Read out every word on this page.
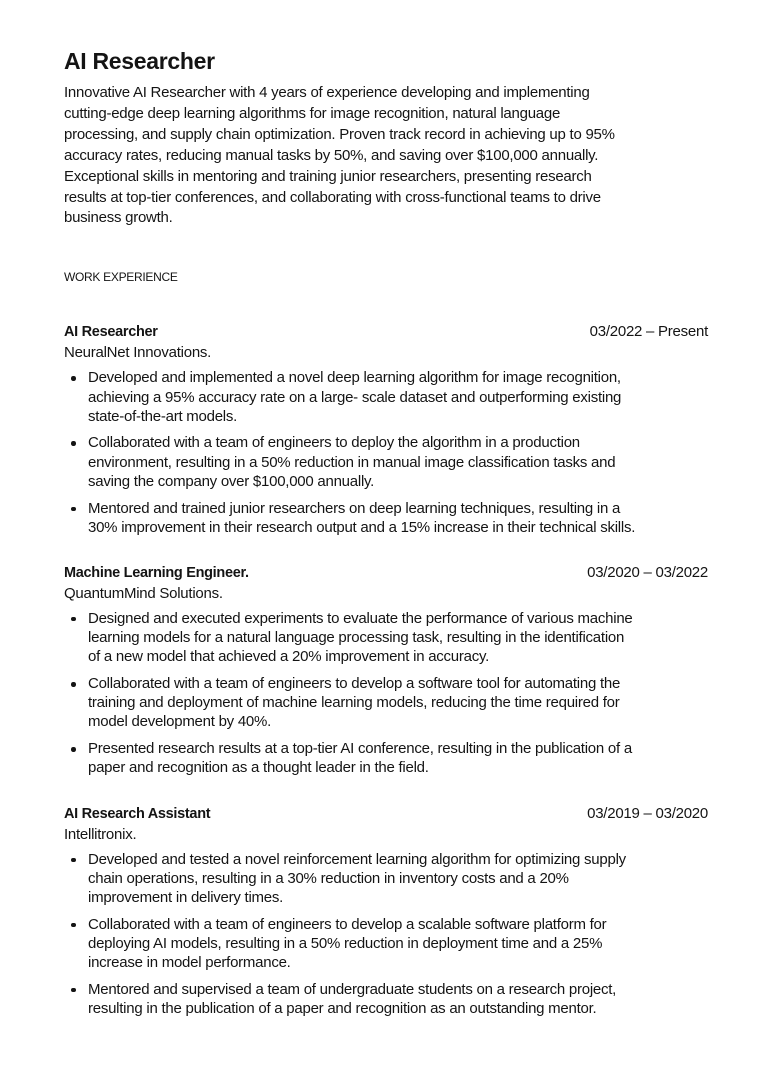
AI Researcher
Innovative AI Researcher with 4 years of experience developing and implementing
cutting-edge deep learning algorithms for image recognition, natural language
processing, and supply chain optimization. Proven track record in achieving up to 95%
accuracy rates, reducing manual tasks by 50%, and saving over $100,000 annually.
Exceptional skills in mentoring and training junior researchers, presenting research
results at top-tier conferences, and collaborating with cross-functional teams to drive
business growth.
WORK EXPERIENCE
AI Researcher	03/2022 – Present
NeuralNet Innovations.
Developed and implemented a novel deep learning algorithm for image recognition,
achieving a 95% accuracy rate on a large- scale dataset and outperforming existing
state-of-the-art models.
Collaborated with a team of engineers to deploy the algorithm in a production
environment, resulting in a 50% reduction in manual image classification tasks and
saving the company over $100,000 annually.
Mentored and trained junior researchers on deep learning techniques, resulting in a
30% improvement in their research output and a 15% increase in their technical skills.
Machine Learning Engineer.	03/2020 – 03/2022
QuantumMind Solutions.
Designed and executed experiments to evaluate the performance of various machine
learning models for a natural language processing task, resulting in the identification
of a new model that achieved a 20% improvement in accuracy.
Collaborated with a team of engineers to develop a software tool for automating the
training and deployment of machine learning models, reducing the time required for
model development by 40%.
Presented research results at a top-tier AI conference, resulting in the publication of a
paper and recognition as a thought leader in the field.
AI Research Assistant	03/2019 – 03/2020
Intellitronix.
Developed and tested a novel reinforcement learning algorithm for optimizing supply
chain operations, resulting in a 30% reduction in inventory costs and a 20%
improvement in delivery times.
Collaborated with a team of engineers to develop a scalable software platform for
deploying AI models, resulting in a 50% reduction in deployment time and a 25%
increase in model performance.
Mentored and supervised a team of undergraduate students on a research project,
resulting in the publication of a paper and recognition as an outstanding mentor.
